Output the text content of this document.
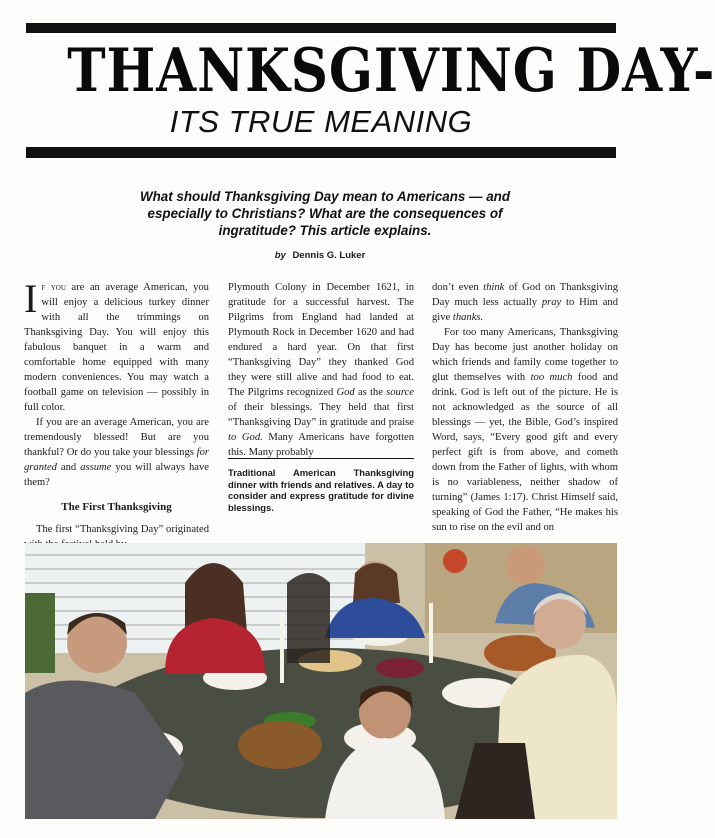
THANKSGIVING DAY-
ITS TRUE MEANING
What should Thanksgiving Day mean to Americans — and especially to Christians? What are the consequences of ingratitude? This article explains.
by Dennis G. Luker

If you are an average American, you will enjoy a delicious turkey dinner with all the trimmings on Thanksgiving Day. You will enjoy this fabulous banquet in a warm and comfortable home equipped with many modern conveniences. You may watch a football game on television — possibly in full color.

If you are an average American, you are tremendously blessed! But are you thankful? Or do you take your blessings for granted and assume you will always have them?

The First Thanksgiving

The first “Thanksgiving Day” originated

Plymouth Colony in December 1621, in gratitude for a successful harvest. The Pilgrims from England had landed at Plymouth Rock in December 1620 and had endured a hard year. On that first “Thanksgiving Day” they thanked God they were still alive and had food to eat. The Pilgrims recognized God as the source of their blessings. They held that first “Thanksgiving Day” in gratitude and praise to God. Many Americans have forgotten this. Many probably

Traditional American Thanksgiving dinner with friends and relatives. A day to consider and express gratitude for divine blessings.

don’t even think of God on Thanksgiving Day much less actually pray to Him and give thanks.

For too many Americans, Thanksgiving Day has become just another holiday on which friends and family come together to glut themselves with too much food and drink. God is left out of the picture. He is not acknowledged as the source of all blessings — yet, the Bible, God’s inspired Word, says, “Every good gift and every perfect gift is from above, and cometh down from the Father of lights, with whom is no variableness, neither shadow of turning” (James 1:17). Christ Himself said, speaking of God the Father, “He makes his sun to rise on the evil and on
